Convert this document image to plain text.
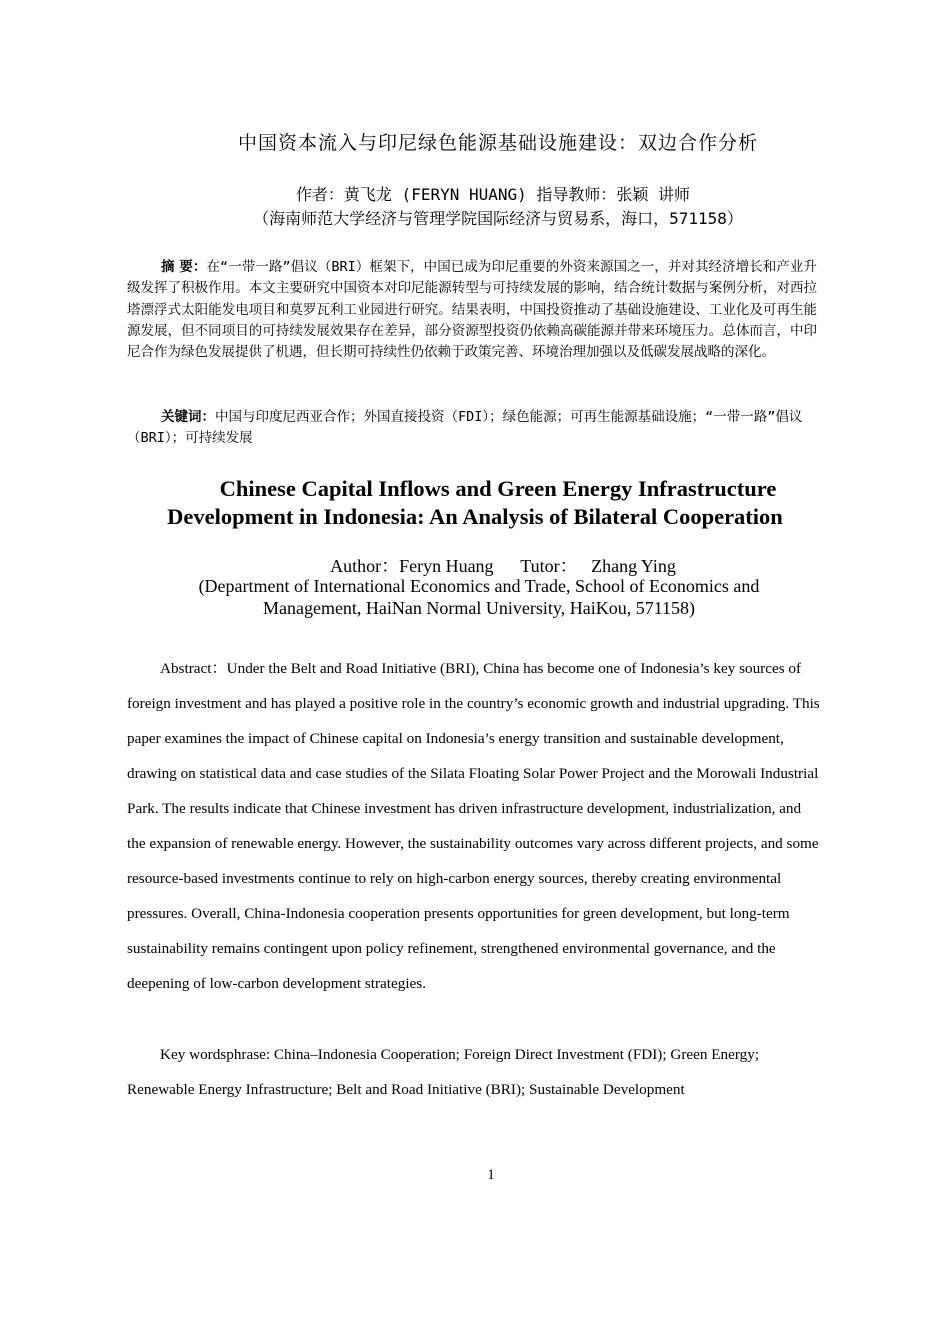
中国资本流入与印尼绿色能源基础设施建设：双边合作分析
作者：黄飞龙 (FERYN HUANG) 指导教师：张颖 讲师
（海南师范大学经济与管理学院国际经济与贸易系，海口，571158）

摘 要：在“一带一路”倡议（BRI）框架下，中国已成为印尼重要的外资来源国之一，并对其经济增长和产业升级发挥了积极作用。本文主要研究中国资本对印尼能源转型与可持续发展的影响，结合统计数据与案例分析，对西拉塔漂浮式太阳能发电项目和莫罗瓦利工业园进行研究。结果表明，中国投资推动了基础设施建设、工业化及可再生能源发展，但不同项目的可持续发展效果存在差异，部分资源型投资仍依赖高碳能源并带来环境压力。总体而言，中印尼合作为绿色发展提供了机遇，但长期可持续性仍依赖于政策完善、环境治理加强以及低碳发展战略的深化。

关键词：中国与印度尼西亚合作；外国直接投资（FDI）；绿色能源；可再生能源基础设施；“一带一路”倡议（BRI）；可持续发展

Chinese Capital Inflows and Green Energy Infrastructure
Development in Indonesia: An Analysis of Bilateral Cooperation
Author：Feryn Huang      Tutor：   Zhang Ying
(Department of International Economics and Trade, School of Economics and
Management, HaiNan Normal University, HaiKou, 571158)

Abstract：Under the Belt and Road Initiative (BRI), China has become one of Indonesia’s key sources of foreign investment and has played a positive role in the country’s economic growth and industrial upgrading. This paper examines the impact of Chinese capital on Indonesia’s energy transition and sustainable development, drawing on statistical data and case studies of the Silata Floating Solar Power Project and the Morowali Industrial Park. The results indicate that Chinese investment has driven infrastructure development, industrialization, and the expansion of renewable energy. However, the sustainability outcomes vary across different projects, and some resource-based investments continue to rely on high-carbon energy sources, thereby creating environmental pressures. Overall, China-Indonesia cooperation presents opportunities for green development, but long-term sustainability remains contingent upon policy refinement, strengthened environmental governance, and the deepening of low-carbon development strategies.

Key wordsphrase: China–Indonesia Cooperation; Foreign Direct Investment (FDI); Green Energy; Renewable Energy Infrastructure; Belt and Road Initiative (BRI); Sustainable Development

1
